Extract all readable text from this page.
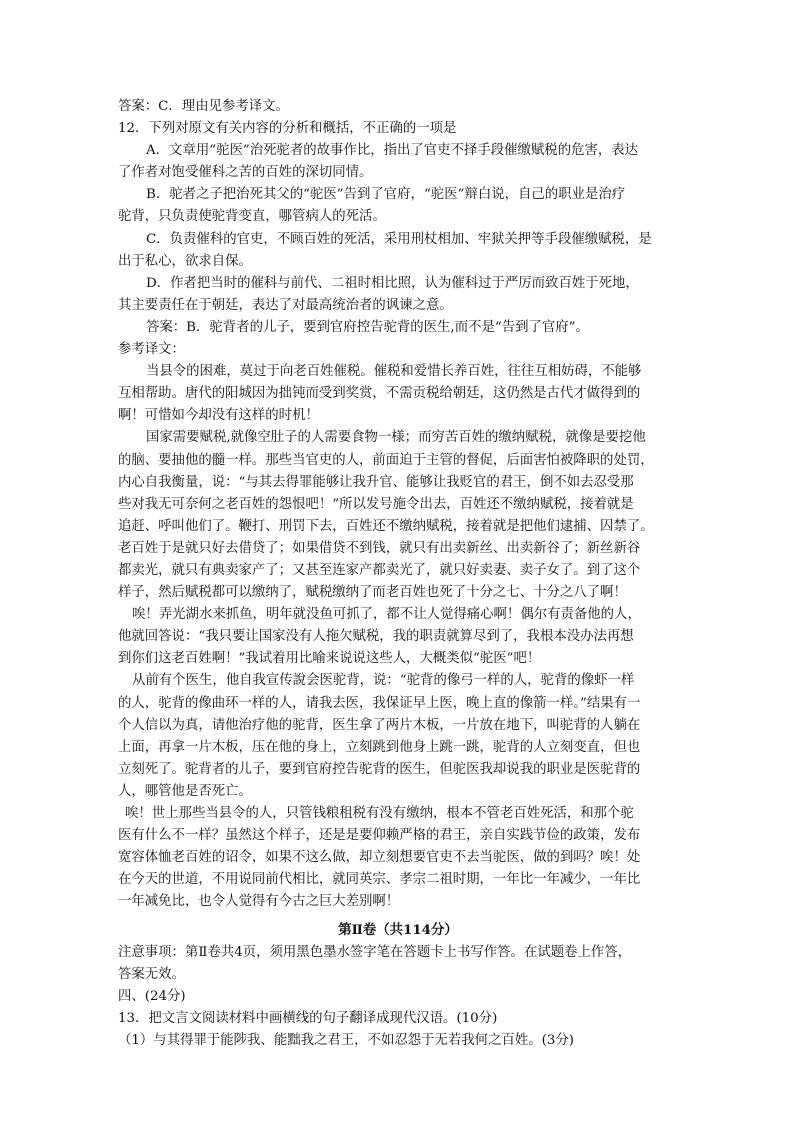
答案：C．理由见参考译文。
12．下列对原文有关内容的分析和概括，不正确的一项是
A．文章用“驼医”治死驼者的故事作比，指出了官吏不择手段催缴赋税的危害，表达
了作者对饱受催科之苦的百姓的深切同情。
B．驼者之子把治死其父的“驼医”告到了官府，“驼医”辩白说，自己的职业是治疗
驼背，只负责使驼背变直，哪管病人的死活。
C．负责催科的官吏，不顾百姓的死活，采用刑杖相加、牢狱关押等手段催缴赋税，是
出于私心，欲求自保。
D．作者把当时的催科与前代、二祖时相比照，认为催科过于严厉而致百姓于死地，
其主要责任在于朝廷，表达了对最高统治者的讽谏之意。
答案：B．驼背者的儿子，要到官府控告驼背的医生,而不是“告到了官府”。
参考译文：
当县令的困难，莫过于向老百姓催税。催税和爱惜长养百姓，往往互相妨碍，不能够
互相帮助。唐代的阳城因为拙钝而受到奖赏，不需贡税给朝廷，这仍然是古代才做得到的
啊！可惜如今却没有这样的时机！
国家需要赋税,就像空肚子的人需要食物一様；而穷苦百姓的缴纳赋税，就像是要挖他
的脑、要抽他的髓一样。那些当官吏的人，前面迫于主管的督促，后面害怕被降职的处罚，
内心自我衡量，说：“与其去得罪能够让我升官、能够让我贬官的君王，倒不如去忍受那
些对我无可奈何之老百姓的怨恨吧！”所以发号施令出去，百姓还不缴纳赋税，接着就是
追赶、呼叫他们了。鞭打、刑罚下去，百姓还不缴纳赋税，接着就是把他们逮捕、囚禁了。
老百姓于是就只好去借贷了；如果借贷不到钱，就只有出卖新丝、出卖新谷了；新丝新谷
都卖光，就只有典卖家产了；又甚至连家产都卖光了，就只好卖妻、卖子女了。到了这个
样子，然后赋税都可以缴纳了，赋税缴纳了而老百姓也死了十分之七、十分之八了啊！
唉！弄光湖水来抓鱼，明年就没鱼可抓了，都不让人觉得痛心啊！偶尔有责备他的人，
他就回答说：“我只要让国家没有人拖欠赋税，我的职责就算尽到了，我根本没办法再想
到你们这老百姓啊！”我试着用比喻来说说这些人，大概类似“驼医”吧！
从前有个医生，他自我宣传說会医驼背，说：“驼背的像弓一样的人，驼背的像虾一样
的人，驼背的像曲环一样的人，请我去医，我保证早上医，晚上直的像箭一样。”结果有一
个人信以为真，请他治疗他的驼背，医生拿了两片木板，一片放在地下，叫驼背的人躺在
上面，再拿一片木板，压在他的身上，立刻跳到他身上跳一跳，驼背的人立刻变直，但也
立刻死了。驼背者的儿子，要到官府控告驼背的医生，但驼医我却说我的职业是医驼背的
人，哪管他是否死亡。
唉！世上那些当县令的人，只管钱粮租税有没有缴纳，根本不管老百姓死活，和那个驼
医有什么不一样？虽然这个样子，还是是要仰赖严格的君王，亲自实践节俭的政策，发布
宽容体恤老百姓的诏令，如果不这么做，却立刻想要官吏不去当驼医，做的到吗？唉！处
在今天的世道，不用说同前代相比，就同英宗、孝宗二祖时期，一年比一年减少，一年比
一年减免比，也令人觉得有今古之巨大差别啊！
第Ⅱ卷（共114分）
注意事项：第Ⅱ卷共4页，须用黑色墨水签字笔在答题卡上书写作答。在试题卷上作答，
答案无效。
四、(24分)
13．把文言文阅读材料中画横线的句子翻译成现代汉语。(10分)
（1）与其得罪于能陟我、能黜我之君王，不如忍怨于无若我何之百姓。(3分)
